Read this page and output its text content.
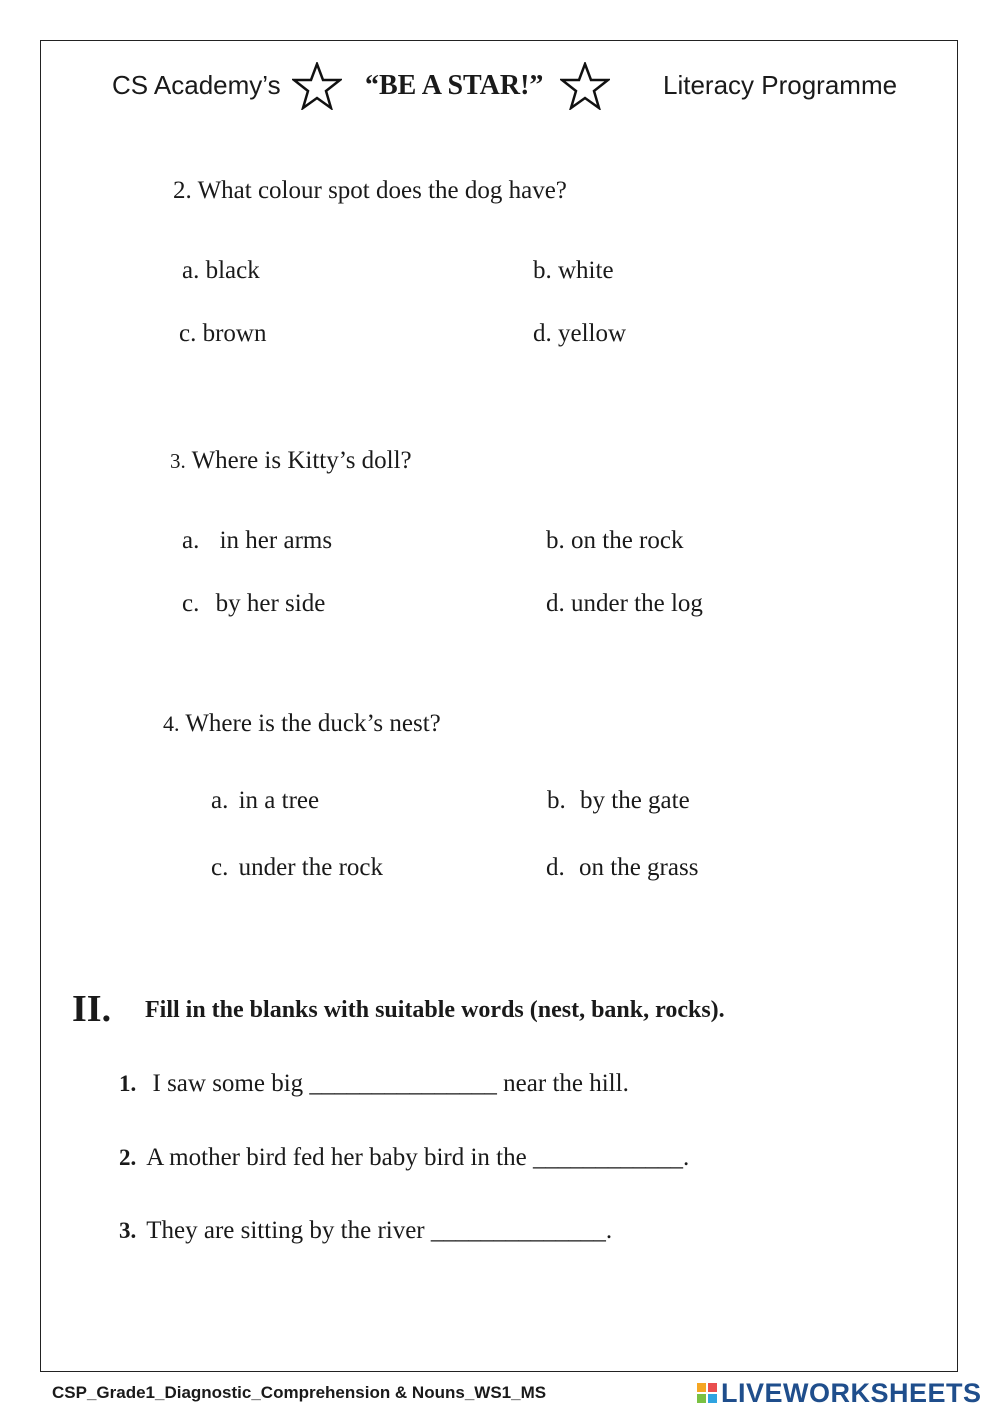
CS Academy’s	“BE A STAR!”	Literacy Programme
2. What colour spot does the dog have?
a. black	b. white
c. brown	d. yellow
3. Where is Kitty’s doll?
a. in her arms	b. on the rock
c. by her side	d. under the log
4. Where is the duck’s nest?
a. in a tree	b. by the gate
c. under the rock	d. on the grass
II. Fill in the blanks with suitable words (nest, bank, rocks).
1. I saw some big _______________ near the hill.
2. A mother bird fed her baby bird in the ____________.
3. They are sitting by the river ______________.
CSP_Grade1_Diagnostic_Comprehension & Nouns_WS1_MS	LIVEWORKSHEETS
